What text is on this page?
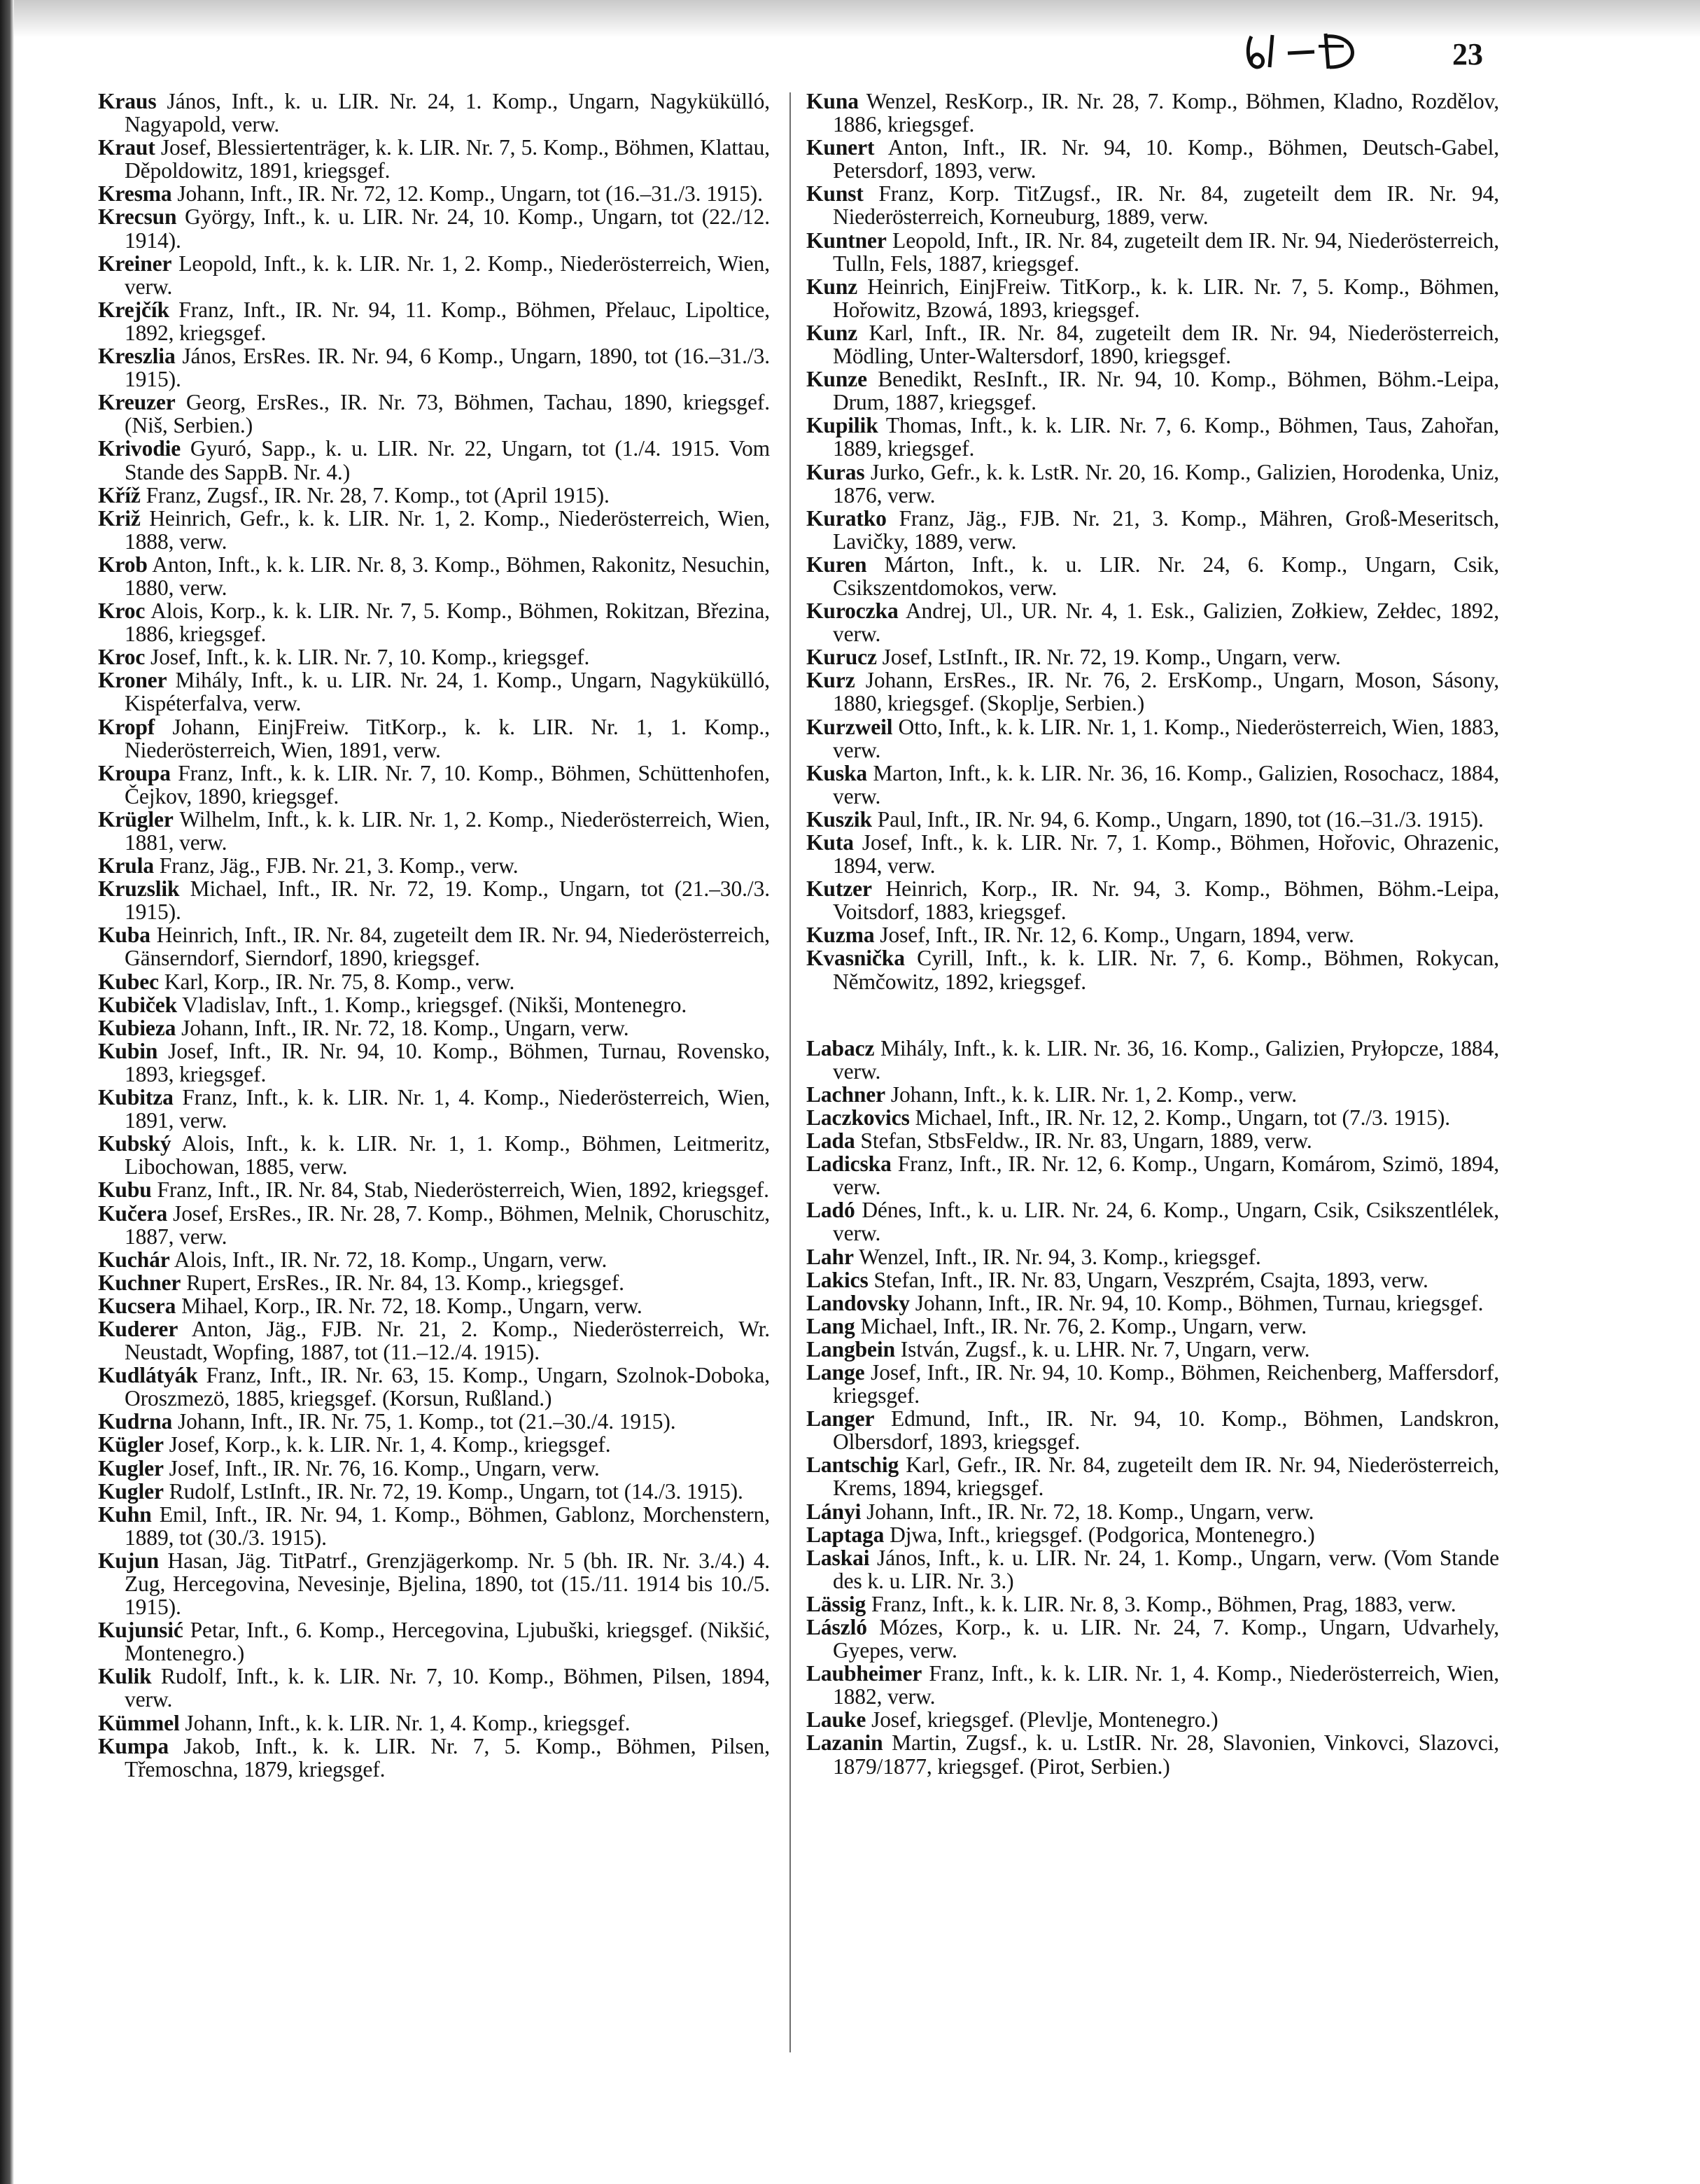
23

Kraus János, Inft., k. u. LIR. Nr. 24, 1. Komp., Ungarn, Nagykükülló, Nagyapold, verw.

Kraut Josef, Blessiertenträger, k. k. LIR. Nr. 7, 5. Komp., Böhmen, Klattau, Děpoldowitz, 1891, kriegsgef.

Kresma Johann, Inft., IR. Nr. 72, 12. Komp., Ungarn, tot (16.–31./3. 1915).

Krecsun György, Inft., k. u. LIR. Nr. 24, 10. Komp., Ungarn, tot (22./12. 1914).

Kreiner Leopold, Inft., k. k. LIR. Nr. 1, 2. Komp., Niederösterreich, Wien, verw.

Krejčík Franz, Inft., IR. Nr. 94, 11. Komp., Böhmen, Přelauc, Lipoltice, 1892, kriegsgef.

Kreszlia János, ErsRes. IR. Nr. 94, 6 Komp., Ungarn, 1890, tot (16.–31./3. 1915).

Kreuzer Georg, ErsRes., IR. Nr. 73, Böhmen, Tachau, 1890, kriegsgef. (Niš, Serbien.)

Krivodie Gyuró, Sapp., k. u. LIR. Nr. 22, Ungarn, tot (1./4. 1915. Vom Stande des SappB. Nr. 4.)

Kříž Franz, Zugsf., IR. Nr. 28, 7. Komp., tot (April 1915).

Križ Heinrich, Gefr., k. k. LIR. Nr. 1, 2. Komp., Niederösterreich, Wien, 1888, verw.

Krob Anton, Inft., k. k. LIR. Nr. 8, 3. Komp., Böhmen, Rakonitz, Nesuchin, 1880, verw.

Kroc Alois, Korp., k. k. LIR. Nr. 7, 5. Komp., Böhmen, Rokitzan, Březina, 1886, kriegsgef.

Kroc Josef, Inft., k. k. LIR. Nr. 7, 10. Komp., kriegsgef.

Kroner Mihály, Inft., k. u. LIR. Nr. 24, 1. Komp., Ungarn, Nagykükülló, Kispéterfalva, verw.

Kropf Johann, EinjFreiw. TitKorp., k. k. LIR. Nr. 1, 1. Komp., Niederösterreich, Wien, 1891, verw.

Kroupa Franz, Inft., k. k. LIR. Nr. 7, 10. Komp., Böhmen, Schüttenhofen, Čejkov, 1890, kriegsgef.

Krügler Wilhelm, Inft., k. k. LIR. Nr. 1, 2. Komp., Niederösterreich, Wien, 1881, verw.

Krula Franz, Jäg., FJB. Nr. 21, 3. Komp., verw.

Kruzslik Michael, Inft., IR. Nr. 72, 19. Komp., Ungarn, tot (21.–30./3. 1915).

Kuba Heinrich, Inft., IR. Nr. 84, zugeteilt dem IR. Nr. 94, Niederösterreich, Gänserndorf, Sierndorf, 1890, kriegsgef.

Kubec Karl, Korp., IR. Nr. 75, 8. Komp., verw.

Kubiček Vladislav, Inft., 1. Komp., kriegsgef. (Nikši, Montenegro.

Kubieza Johann, Inft., IR. Nr. 72, 18. Komp., Ungarn, verw.

Kubin Josef, Inft., IR. Nr. 94, 10. Komp., Böhmen, Turnau, Rovensko, 1893, kriegsgef.

Kubitza Franz, Inft., k. k. LIR. Nr. 1, 4. Komp., Niederösterreich, Wien, 1891, verw.

Kubský Alois, Inft., k. k. LIR. Nr. 1, 1. Komp., Böhmen, Leitmeritz, Libochowan, 1885, verw.

Kubu Franz, Inft., IR. Nr. 84, Stab, Niederösterreich, Wien, 1892, kriegsgef.

Kučera Josef, ErsRes., IR. Nr. 28, 7. Komp., Böhmen, Melnik, Choruschitz, 1887, verw.

Kuchár Alois, Inft., IR. Nr. 72, 18. Komp., Ungarn, verw.

Kuchner Rupert, ErsRes., IR. Nr. 84, 13. Komp., kriegsgef.

Kucsera Mihael, Korp., IR. Nr. 72, 18. Komp., Ungarn, verw.

Kuderer Anton, Jäg., FJB. Nr. 21, 2. Komp., Niederösterreich, Wr. Neustadt, Wopfing, 1887, tot (11.–12./4. 1915).

Kudlátyák Franz, Inft., IR. Nr. 63, 15. Komp., Ungarn, Szolnok-Doboka, Oroszmezö, 1885, kriegsgef. (Korsun, Rußland.)

Kudrna Johann, Inft., IR. Nr. 75, 1. Komp., tot (21.–30./4. 1915).

Kügler Josef, Korp., k. k. LIR. Nr. 1, 4. Komp., kriegsgef.

Kugler Josef, Inft., IR. Nr. 76, 16. Komp., Ungarn, verw.

Kugler Rudolf, LstInft., IR. Nr. 72, 19. Komp., Ungarn, tot (14./3. 1915).

Kuhn Emil, Inft., IR. Nr. 94, 1. Komp., Böhmen, Gablonz, Morchenstern, 1889, tot (30./3. 1915).

Kujun Hasan, Jäg. TitPatrf., Grenzjägerkomp. Nr. 5 (bh. IR. Nr. 3./4.) 4. Zug, Hercegovina, Nevesinje, Bjelina, 1890, tot (15./11. 1914 bis 10./5. 1915).

Kujunsić Petar, Inft., 6. Komp., Hercegovina, Ljubuški, kriegsgef. (Nikšić, Montenegro.)

Kulik Rudolf, Inft., k. k. LIR. Nr. 7, 10. Komp., Böhmen, Pilsen, 1894, verw.

Kümmel Johann, Inft., k. k. LIR. Nr. 1, 4. Komp., kriegsgef.

Kumpa Jakob, Inft., k. k. LIR. Nr. 7, 5. Komp., Böhmen, Pilsen, Třemoschna, 1879, kriegsgef.

Kuna Wenzel, ResKorp., IR. Nr. 28, 7. Komp., Böhmen, Kladno, Rozdělov, 1886, kriegsgef.

Kunert Anton, Inft., IR. Nr. 94, 10. Komp., Böhmen, Deutsch-Gabel, Petersdorf, 1893, verw.

Kunst Franz, Korp. TitZugsf., IR. Nr. 84, zugeteilt dem IR. Nr. 94, Niederösterreich, Korneuburg, 1889, verw.

Kuntner Leopold, Inft., IR. Nr. 84, zugeteilt dem IR. Nr. 94, Niederösterreich, Tulln, Fels, 1887, kriegsgef.

Kunz Heinrich, EinjFreiw. TitKorp., k. k. LIR. Nr. 7, 5. Komp., Böhmen, Hořowitz, Bzowá, 1893, kriegsgef.

Kunz Karl, Inft., IR. Nr. 84, zugeteilt dem IR. Nr. 94, Niederösterreich, Mödling, Unter-Waltersdorf, 1890, kriegsgef.

Kunze Benedikt, ResInft., IR. Nr. 94, 10. Komp., Böhmen, Böhm.-Leipa, Drum, 1887, kriegsgef.

Kupilik Thomas, Inft., k. k. LIR. Nr. 7, 6. Komp., Böhmen, Taus, Zahořan, 1889, kriegsgef.

Kuras Jurko, Gefr., k. k. LstR. Nr. 20, 16. Komp., Galizien, Horodenka, Uniz, 1876, verw.

Kuratko Franz, Jäg., FJB. Nr. 21, 3. Komp., Mähren, Groß-Meseritsch, Lavičky, 1889, verw.

Kuren Márton, Inft., k. u. LIR. Nr. 24, 6. Komp., Ungarn, Csik, Csikszentdomokos, verw.

Kuroczka Andrej, Ul., UR. Nr. 4, 1. Esk., Galizien, Zołkiew, Zełdec, 1892, verw.

Kurucz Josef, LstInft., IR. Nr. 72, 19. Komp., Ungarn, verw.

Kurz Johann, ErsRes., IR. Nr. 76, 2. ErsKomp., Ungarn, Moson, Sásony, 1880, kriegsgef. (Skoplje, Serbien.)

Kurzweil Otto, Inft., k. k. LIR. Nr. 1, 1. Komp., Niederösterreich, Wien, 1883, verw.

Kuska Marton, Inft., k. k. LIR. Nr. 36, 16. Komp., Galizien, Rosochacz, 1884, verw.

Kuszik Paul, Inft., IR. Nr. 94, 6. Komp., Ungarn, 1890, tot (16.–31./3. 1915).

Kuta Josef, Inft., k. k. LIR. Nr. 7, 1. Komp., Böhmen, Hořovic, Ohrazenic, 1894, verw.

Kutzer Heinrich, Korp., IR. Nr. 94, 3. Komp., Böhmen, Böhm.-Leipa, Voitsdorf, 1883, kriegsgef.

Kuzma Josef, Inft., IR. Nr. 12, 6. Komp., Ungarn, 1894, verw.

Kvasnička Cyrill, Inft., k. k. LIR. Nr. 7, 6. Komp., Böhmen, Rokycan, Němčowitz, 1892, kriegsgef.

Labacz Mihály, Inft., k. k. LIR. Nr. 36, 16. Komp., Galizien, Pryłopcze, 1884, verw.

Lachner Johann, Inft., k. k. LIR. Nr. 1, 2. Komp., verw.

Laczkovics Michael, Inft., IR. Nr. 12, 2. Komp., Ungarn, tot (7./3. 1915).

Lada Stefan, StbsFeldw., IR. Nr. 83, Ungarn, 1889, verw.

Ladicska Franz, Inft., IR. Nr. 12, 6. Komp., Ungarn, Komárom, Szimö, 1894, verw.

Ladó Dénes, Inft., k. u. LIR. Nr. 24, 6. Komp., Ungarn, Csik, Csikszentlélek, verw.

Lahr Wenzel, Inft., IR. Nr. 94, 3. Komp., kriegsgef.

Lakics Stefan, Inft., IR. Nr. 83, Ungarn, Veszprém, Csajta, 1893, verw.

Landovsky Johann, Inft., IR. Nr. 94, 10. Komp., Böhmen, Turnau, kriegsgef.

Lang Michael, Inft., IR. Nr. 76, 2. Komp., Ungarn, verw.

Langbein István, Zugsf., k. u. LHR. Nr. 7, Ungarn, verw.

Lange Josef, Inft., IR. Nr. 94, 10. Komp., Böhmen, Reichenberg, Maffersdorf, kriegsgef.

Langer Edmund, Inft., IR. Nr. 94, 10. Komp., Böhmen, Landskron, Olbersdorf, 1893, kriegsgef.

Lantschig Karl, Gefr., IR. Nr. 84, zugeteilt dem IR. Nr. 94, Niederösterreich, Krems, 1894, kriegsgef.

Lányi Johann, Inft., IR. Nr. 72, 18. Komp., Ungarn, verw.

Laptaga Djwa, Inft., kriegsgef. (Podgorica, Montenegro.)

Laskai János, Inft., k. u. LIR. Nr. 24, 1. Komp., Ungarn, verw. (Vom Stande des k. u. LIR. Nr. 3.)

Lässig Franz, Inft., k. k. LIR. Nr. 8, 3. Komp., Böhmen, Prag, 1883, verw.

László Mózes, Korp., k. u. LIR. Nr. 24, 7. Komp., Ungarn, Udvarhely, Gyepes, verw.

Laubheimer Franz, Inft., k. k. LIR. Nr. 1, 4. Komp., Niederösterreich, Wien, 1882, verw.

Lauke Josef, kriegsgef. (Plevlje, Montenegro.)

Lazanin Martin, Zugsf., k. u. LstIR. Nr. 28, Slavonien, Vinkovci, Slazovci, 1879/1877, kriegsgef. (Pirot, Serbien.)
